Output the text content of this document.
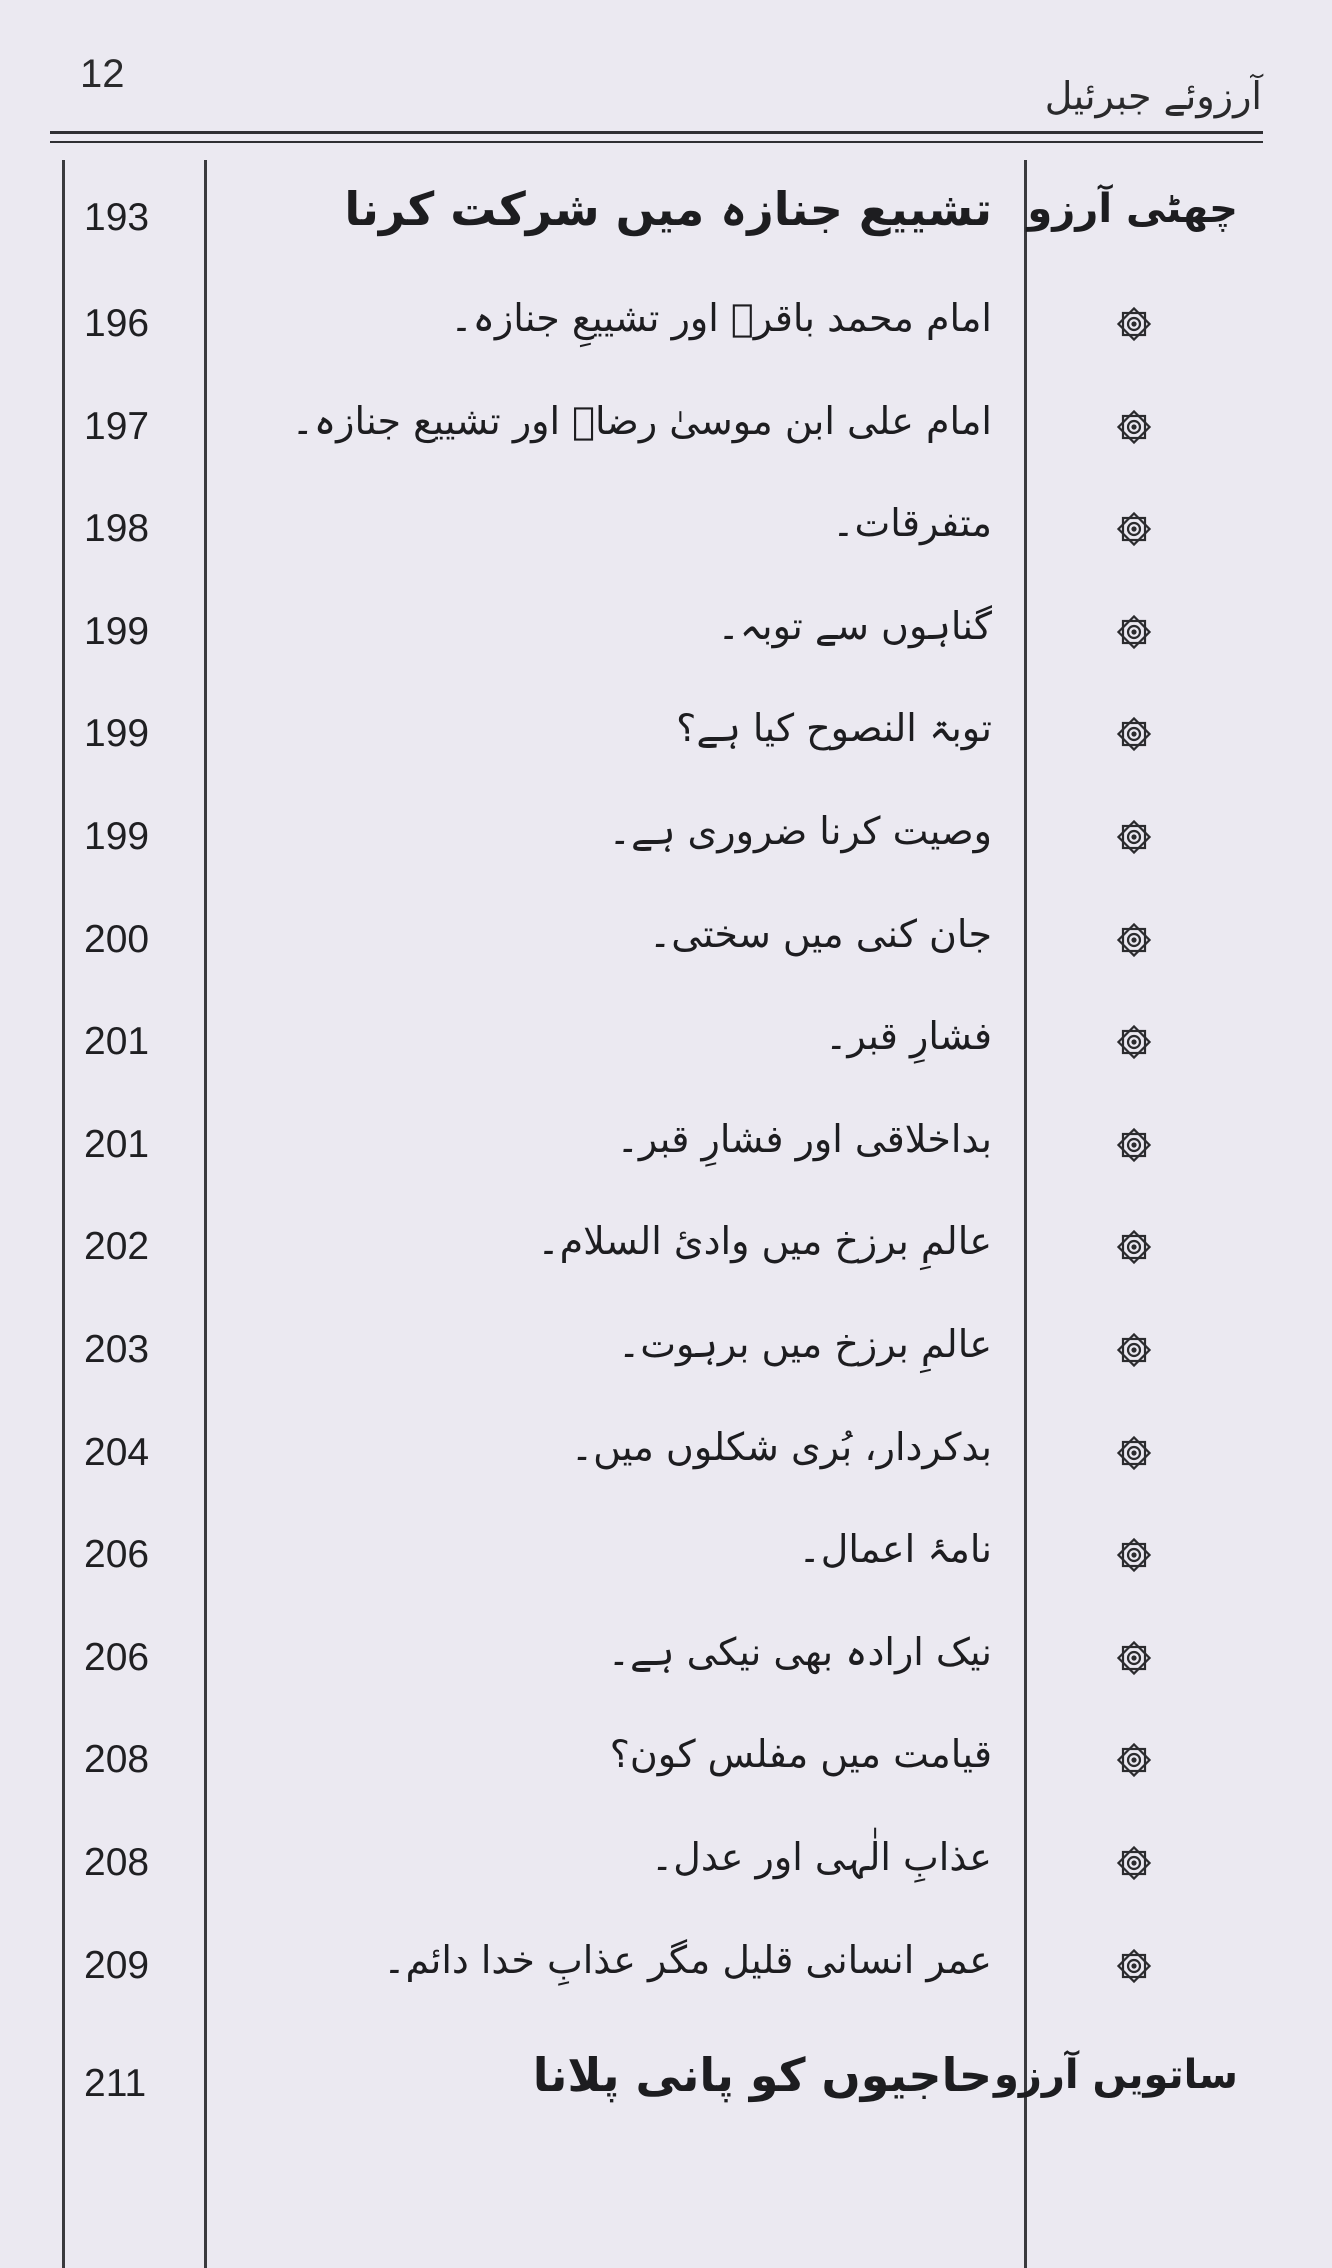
12	آرزوئے جبرئیل
193	تشییع جنازہ میں شرکت کرنا چھٹی آرزو
196	امام محمد باقرؑ اور تشییعِ جنازہ۔
197	امام علی ابن موسیٰ رضاؑ اور تشییع جنازہ۔
198	متفرقات۔
199	گناہوں سے توبہ۔
199	توبۃ النصوح کیا ہے؟
199	وصیت کرنا ضروری ہے۔
200	جان کنی میں سختی۔
201	فشارِ قبر۔
201	بداخلاقی اور فشارِ قبر۔
202	عالمِ برزخ میں وادیٔ السلام۔
203	عالمِ برزخ میں برہوت۔
204	بدکردار، بُری شکلوں میں۔
206	نامۂ اعمال۔
206	نیک ارادہ بھی نیکی ہے۔
208	قیامت میں مفلس کون؟
208	عذابِ الٰہی اور عدل۔
209	عمر انسانی قلیل مگر عذابِ خدا دائم۔
211	حاجیوں کو پانی پلانا ساتویں آرزو
